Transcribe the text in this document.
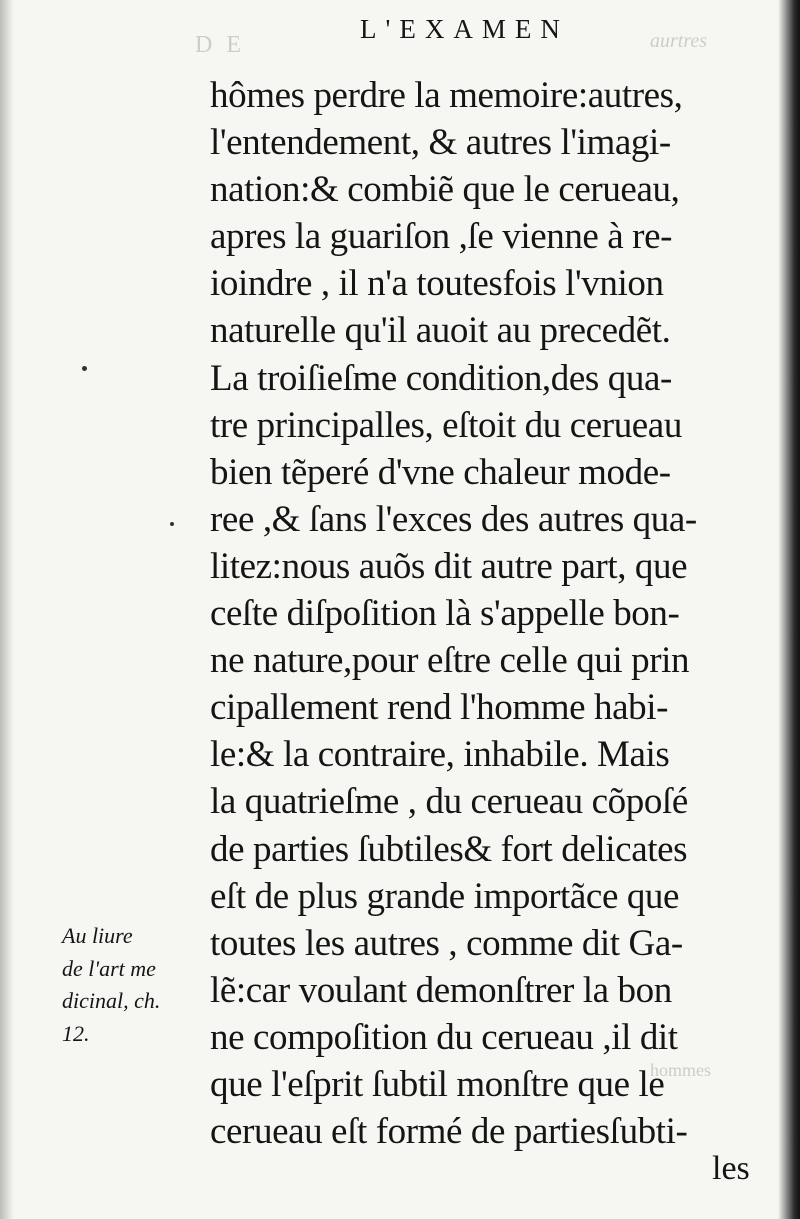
D E	aurtres
hommes
L'EXAMEN
hômes perdre la memoire:autres,
l'entendement, & autres l'imagi-
nation:& combiẽ que le cerueau,
apres la guariſon ,ſe vienne à re-
ioindre , il n'a toutesfois l'vnion
naturelle qu'il auoit au precedẽt.
La troiſieſme condition,des qua-
tre principalles, eſtoit du cerueau
bien tẽperé d'vne chaleur mode-
ree ,& ſans l'exces des autres qua-
litez:nous auõs dit autre part, que
ceſte diſpoſition là s'appelle bon-
ne nature,pour eſtre celle qui prin
cipallement rend l'homme habi-
le:& la contraire, inhabile. Mais
la quatrieſme , du cerueau cõpoſé
de parties ſubtiles& fort delicates
eſt de plus grande importãce que
toutes les autres , comme dit Ga-
lẽ:car voulant demonſtrer la bon
ne compoſition du cerueau ,il dit
que l'eſprit ſubtil monſtre que le
cerueau eſt formé de partiesſubti-
les
Au liure
de l'art me
dicinal, ch.
12.
